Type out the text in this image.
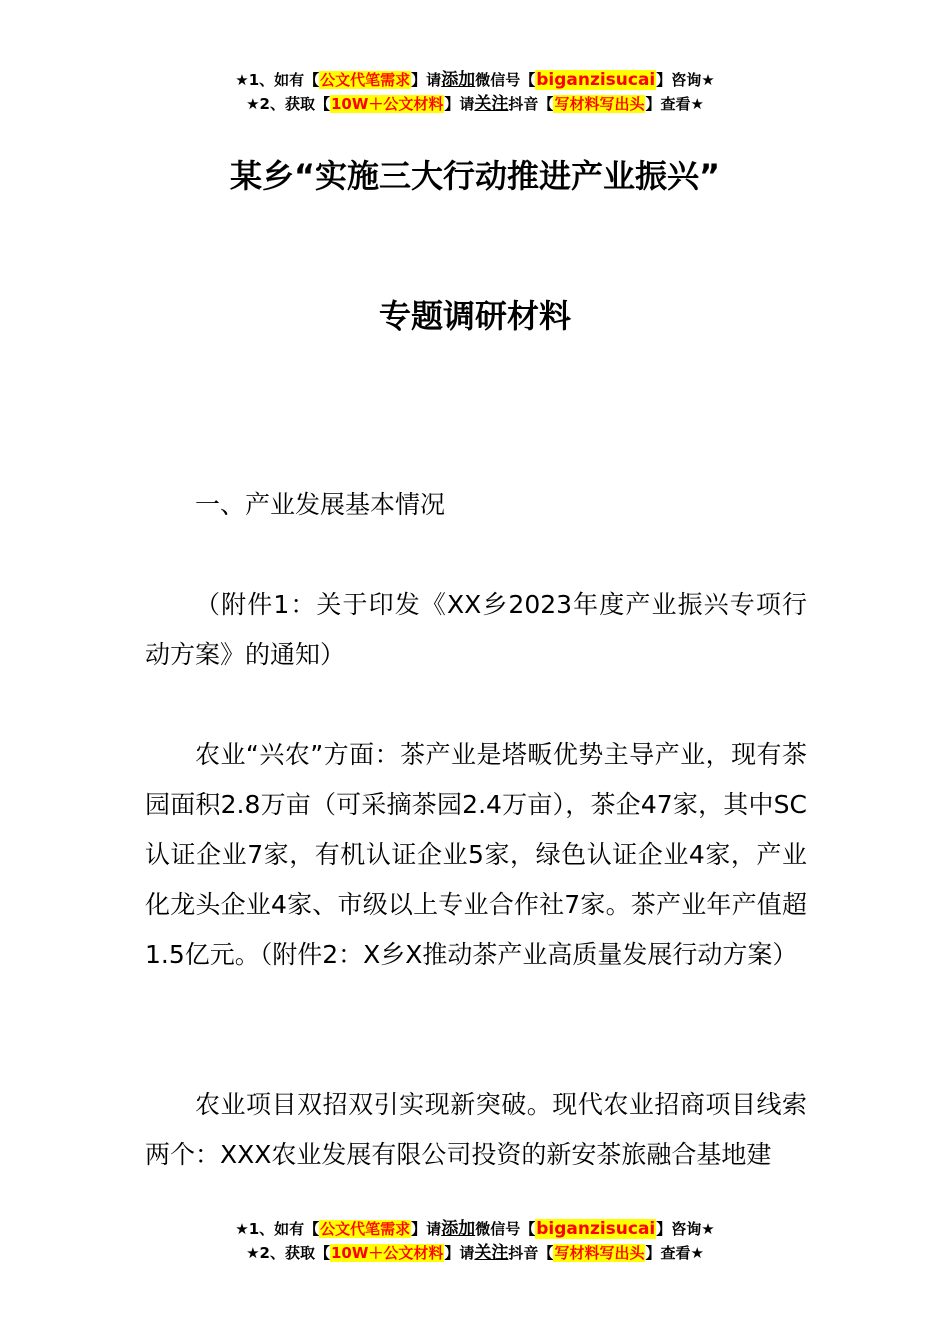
★1、如有【公文代笔需求】请添加微信号【biganzisucai】咨询★
★2、获取【10W＋公文材料】请关注抖音【写材料写出头】查看★
某乡“实施三大行动推进产业振兴”
专题调研材料

一、产业发展基本情况

（附件1：关于印发《XX乡2023年度产业振兴专项行动方案》的通知）

农业“兴农”方面：茶产业是塔畈优势主导产业，现有茶园面积2.8万亩（可采摘茶园2.4万亩），茶企47家，其中SC认证企业7家，有机认证企业5家，绿色认证企业4家，产业化龙头企业4家、市级以上专业合作社7家。茶产业年产值超1.5亿元。（附件2：X乡X推动茶产业高质量发展行动方案）

农业项目双招双引实现新突破。现代农业招商项目线索两个：XXX农业发展有限公司投资的新安茶旅融合基地建

★1、如有【公文代笔需求】请添加微信号【biganzisucai】咨询★
★2、获取【10W＋公文材料】请关注抖音【写材料写出头】查看★
